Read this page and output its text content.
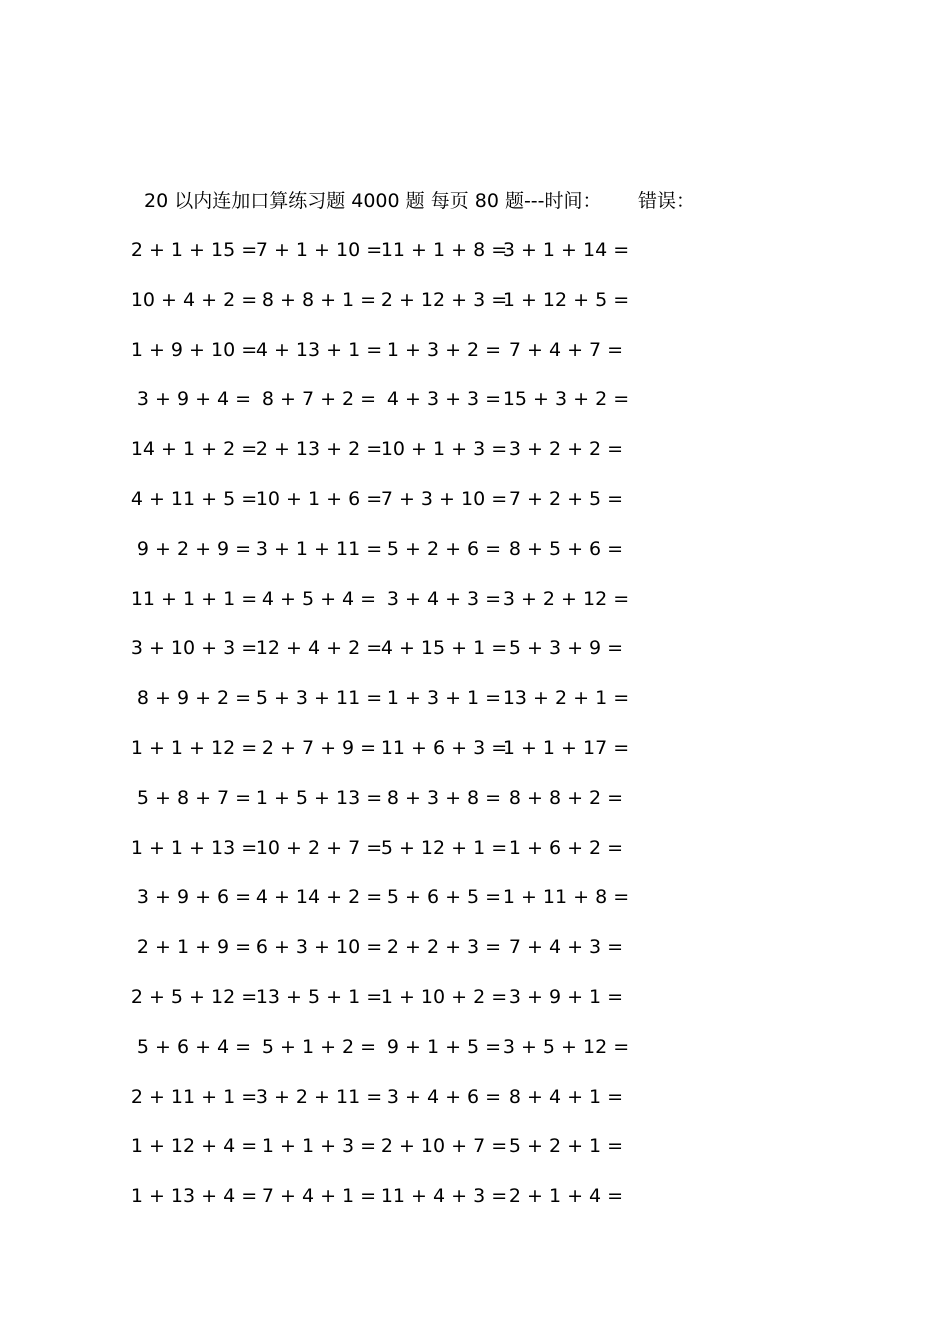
20 以内连加口算练习题 4000 题 每页 80 题---时间： 错误：
2 + 1 + 15 =
7 + 1 + 10 =
11 + 1 + 8 =
3 + 1 + 14 =
10 + 4 + 2 = 8 + 8 + 1 = 2 + 12 + 3 =
1 + 12 + 5 =
1 + 9 + 10 =
4 + 13 + 1 = 1 + 3 + 2 = 7 + 4 + 7 =
3 + 9 + 4 = 8 + 7 + 2 = 4 + 3 + 3 = 15 + 3 + 2 =
14 + 1 + 2 =
2 + 13 + 2 =
10 + 1 + 3 = 3 + 2 + 2 =
4 + 11 + 5 =
10 + 1 + 6 =
7 + 3 + 10 = 7 + 2 + 5 =
9 + 2 + 9 = 3 + 1 + 11 = 5 + 2 + 6 = 8 + 5 + 6 =
11 + 1 + 1 = 4 + 5 + 4 = 3 + 4 + 3 = 3 + 2 + 12 =
3 + 10 + 3 =
12 + 4 + 2 =
4 + 15 + 1 = 5 + 3 + 9 =
8 + 9 + 2 = 5 + 3 + 11 = 1 + 3 + 1 = 13 + 2 + 1 =
1 + 1 + 12 = 2 + 7 + 9 = 11 + 6 + 3 =
1 + 1 + 17 =
5 + 8 + 7 = 1 + 5 + 13 = 8 + 3 + 8 = 8 + 8 + 2 =
1 + 1 + 13 =
10 + 2 + 7 =
5 + 12 + 1 = 1 + 6 + 2 =
3 + 9 + 6 = 4 + 14 + 2 = 5 + 6 + 5 = 1 + 11 + 8 =
2 + 1 + 9 = 6 + 3 + 10 = 2 + 2 + 3 = 7 + 4 + 3 =
2 + 5 + 12 =
13 + 5 + 1 =
1 + 10 + 2 = 3 + 9 + 1 =
5 + 6 + 4 = 5 + 1 + 2 = 9 + 1 + 5 = 3 + 5 + 12 =
2 + 11 + 1 =
3 + 2 + 11 = 3 + 4 + 6 = 8 + 4 + 1 =
1 + 12 + 4 = 1 + 1 + 3 = 2 + 10 + 7 = 5 + 2 + 1 =
1 + 13 + 4 = 7 + 4 + 1 = 11 + 4 + 3 = 2 + 1 + 4 =
